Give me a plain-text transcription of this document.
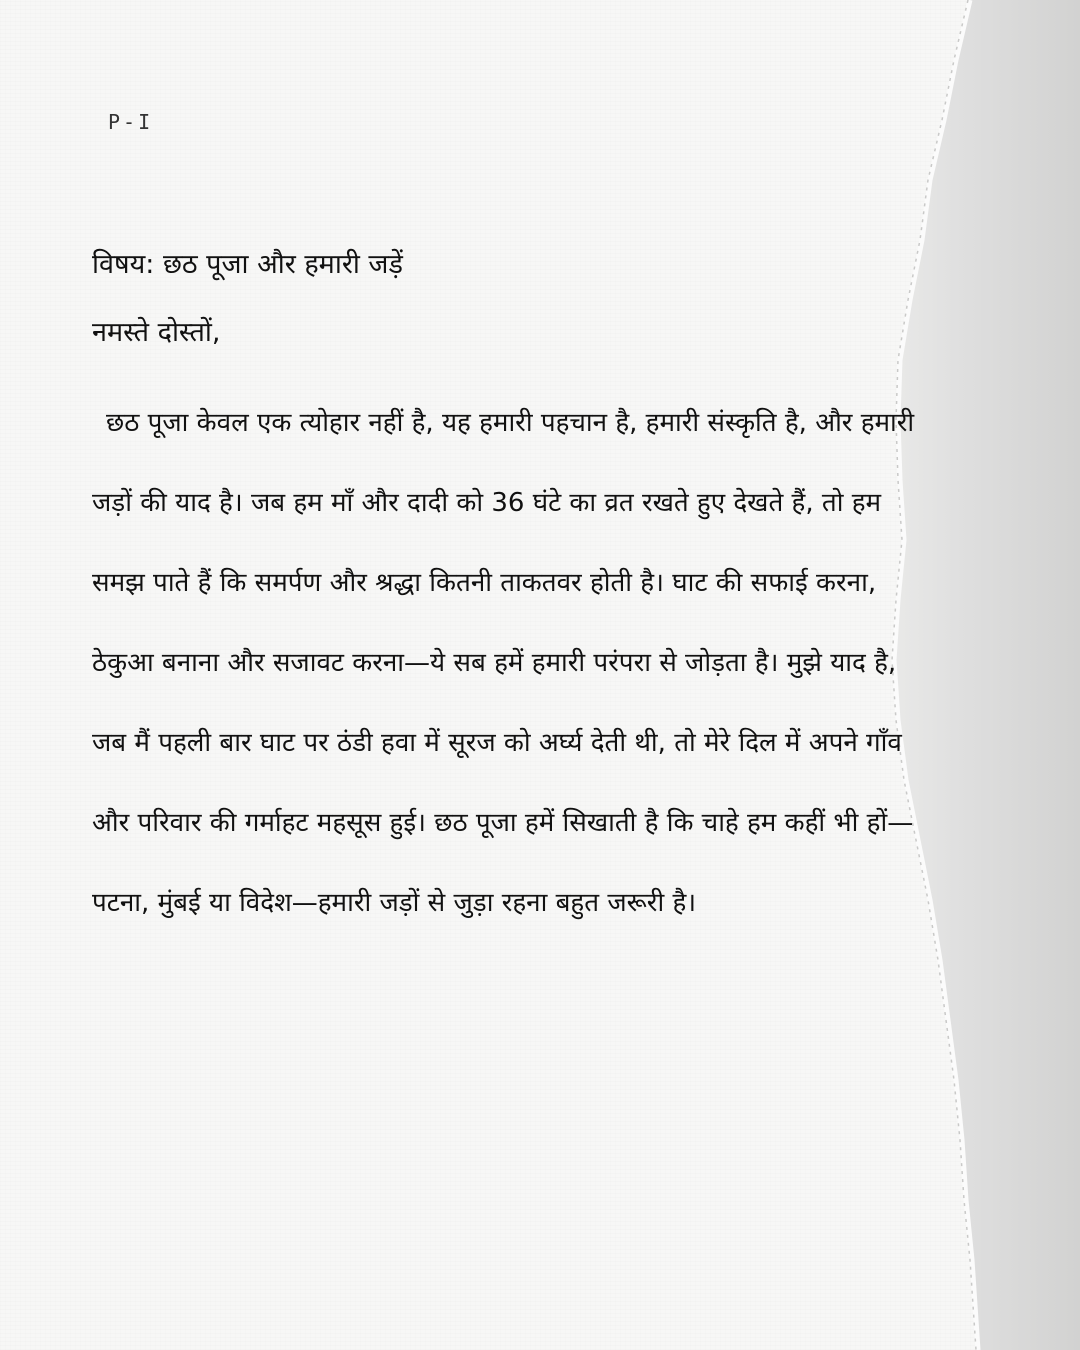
P-I

विषय: छठ पूजा और हमारी जड़ें

नमस्ते दोस्तों,

छठ पूजा केवल एक त्योहार नहीं है, यह हमारी पहचान है, हमारी संस्कृति है, और हमारी जड़ों की याद है। जब हम माँ और दादी को 36 घंटे का व्रत रखते हुए देखते हैं, तो हम समझ पाते हैं कि समर्पण और श्रद्धा कितनी ताकतवर होती है। घाट की सफाई करना, ठेकुआ बनाना और सजावट करना—ये सब हमें हमारी परंपरा से जोड़ता है। मुझे याद है, जब मैं पहली बार घाट पर ठंडी हवा में सूरज को अर्घ्य देती थी, तो मेरे दिल में अपने गाँव और परिवार की गर्माहट महसूस हुई। छठ पूजा हमें सिखाती है कि चाहे हम कहीं भी हों—पटना, मुंबई या विदेश—हमारी जड़ों से जुड़ा रहना बहुत जरूरी है।
